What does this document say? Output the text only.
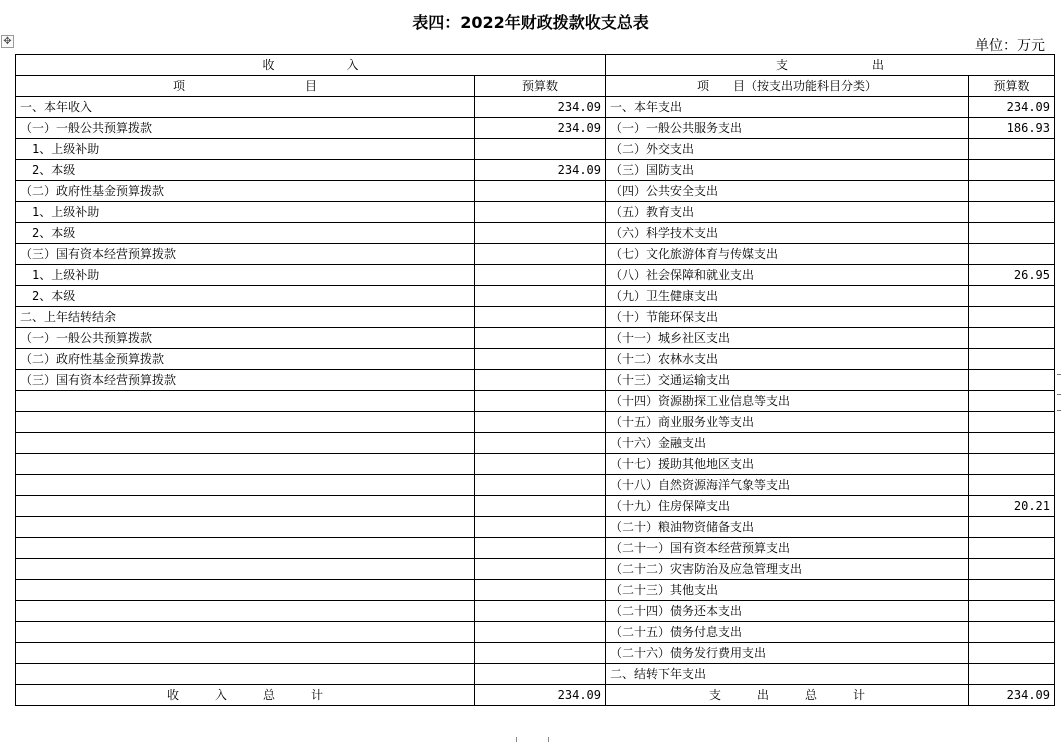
表四：2022年财政拨款收支总表
✥	单位：万元
收　　　　　　入		支　　　　　　　出	
项　　　　　　　　　　目	预算数	项　　目（按支出功能科目分类）	预算数
一、本年收入	234.09	一、本年支出	234.09
（一）一般公共预算拨款	234.09	（一）一般公共服务支出	186.93
　1、上级补助		（二）外交支出	
　2、本级	234.09	（三）国防支出	
（二）政府性基金预算拨款		（四）公共安全支出	
　1、上级补助		（五）教育支出	
　2、本级		（六）科学技术支出	
（三）国有资本经营预算拨款		（七）文化旅游体育与传媒支出	
　1、上级补助		（八）社会保障和就业支出	26.95
　2、本级		（九）卫生健康支出	
二、上年结转结余		（十）节能环保支出	
（一）一般公共预算拨款		（十一）城乡社区支出	
（二）政府性基金预算拨款		（十二）农林水支出	
（三）国有资本经营预算拨款		（十三）交通运输支出	
		（十四）资源勘探工业信息等支出	
		（十五）商业服务业等支出	
		（十六）金融支出	
		（十七）援助其他地区支出	
		（十八）自然资源海洋气象等支出	
		（十九）住房保障支出	20.21
		（二十）粮油物资储备支出	
		（二十一）国有资本经营预算支出	
		（二十二）灾害防治及应急管理支出	
		（二十三）其他支出	
		（二十四）债务还本支出	
		（二十五）债务付息支出	
		（二十六）债务发行费用支出	
		二、结转下年支出	
收　　　入　　　总　　　计	234.09	支　　　出　　　总　　　计	234.09
